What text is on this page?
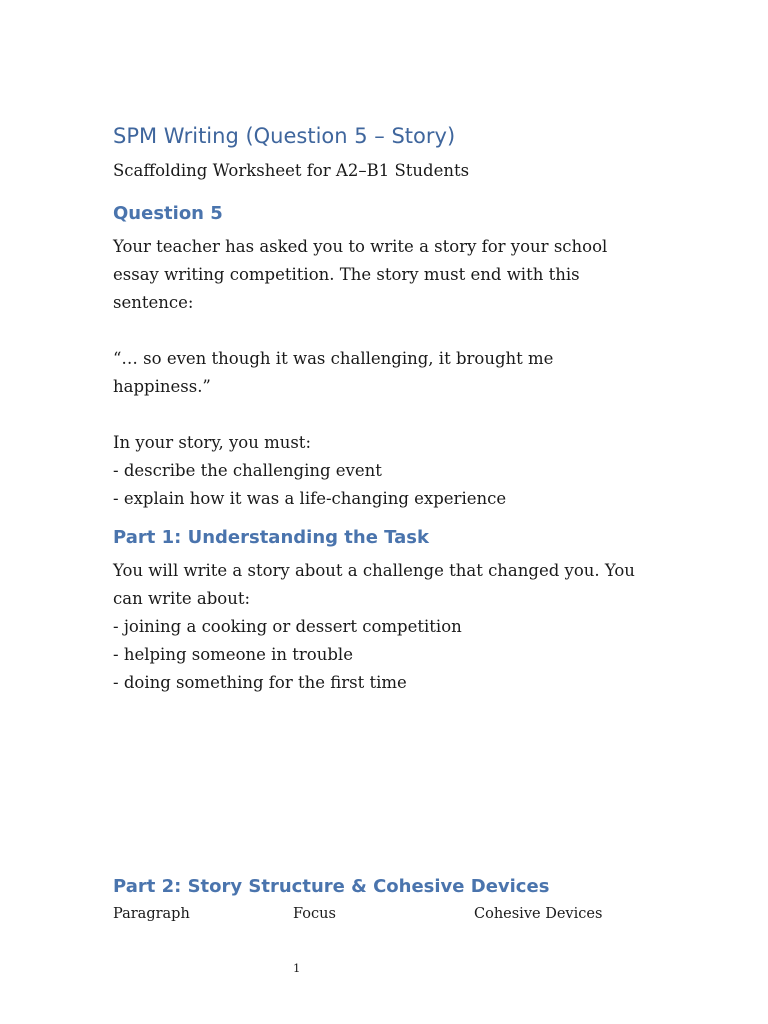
SPM Writing (Question 5 – Story)

Scaffolding Worksheet for A2–B1 Students

Question 5

Your teacher has asked you to write a story for your school
essay writing competition. The story must end with this
sentence:

“… so even though it was challenging, it brought me
happiness.”

In your story, you must:
- describe the challenging event
- explain how it was a life-changing experience

Part 1: Understanding the Task

You will write a story about a challenge that changed you. You
can write about:
- joining a cooking or dessert competition
- helping someone in trouble
- doing something for the first time

Part 2: Story Structure & Cohesive Devices
Paragraph	Focus	Cohesive Devices
1
